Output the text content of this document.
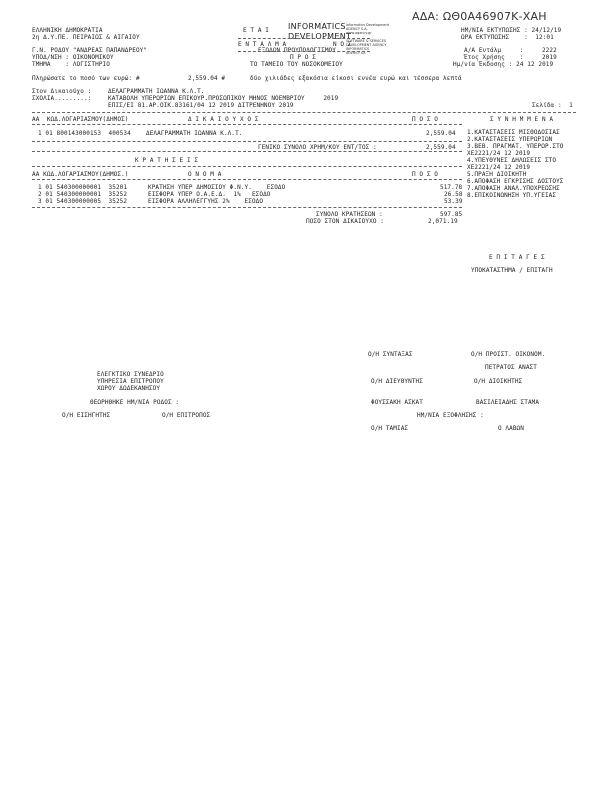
ΑΔΑ: ΩΘ0Α46907Κ-ΧΑΗ
ΕΛΛΗΝΙΚΗ ΔΗΜΟΚΡΑΤΙΑ
2η Δ.Υ.ΠΕ. ΠΕΙΡΑΙΩΣ & ΑΙΓΑΙΟΥ
Γ.Ν. ΡΟΔΟΥ "ΑΝΔΡΕΑΣ ΠΑΠΑΝΔΡΕΟΥ"
ΥΠΟΔ/ΝΣΗ : ΟΙΚΟΝΟΜΙΚΟΥ
ΤΜΗΜΑ    : ΛΟΓΙΣΤΗΡΙΟ
Ε Τ Α Ι
Ε Ν Τ Α Λ Μ Α	Ν Ο Σ
ΕΞΟΔΩΝ ΠΡΟΥΠΟΛΟΓΙΣΜΟΥ
Π Ρ Ο Σ
ΤΟ ΤΑΜΕΙΟ ΤΟΥ ΝΟΣΟΚΟΜΕΙΟΥ
INFORMATICS
DEVELOPMENT
Informatics Development
AGENCY S.A.
www.agency.gr
SOFTWARE & SERVICES
DEVELOPMENT AGENCY
INFORMATICS
AGENCY SA
ΗΜ/ΝΙΑ ΕΚΤΥΠΩΣΗΣ : 24/12/19
ΩΡΑ ΕΚΤΥΠΩΣΗΣ    :  12:01
Α/Α Εντάλμ     :     2222
Έτος Χρήσης    :     2019
Ημ/νία Έκδοσης : 24 12 2019
Πληρώσατε το ποσό των ευρώ: #	2,559.04 #	δύο χιλιάδες εξακόσια είκοσι εννέα ευρώ και τέσσερα λεπτά
Στον Δικαιούχο :	ΔΕΛΑΓΡΑΜΜΑΤΗ ΙΩΑΝΝΑ Κ.Λ.Τ.
ΣΧΟΛΙΑ.........:	ΚΑΤΑΒΟΛΗ ΥΠΕΡΩΡΙΩΝ ΕΠΙΚΟΥΡ.ΠΡΟΣΩΠΙΚΟΥ ΜΗΝΟΣ ΝΟΕΜΒΡΙΟΥ     2019
ΕΠΙΣ/ΕΙ 81.ΑΡ.ΟΙΚ.83161/04 12 2019 ΔΙΤΡΕΝΗΝΟΥ 2019	Σελίδα :  1
ΑΑ  ΚΩΔ.ΛΟΓΑΡΙΑΣΜΟΥ(ΔΗΜΟΣ)	Δ Ι Κ Α Ι Ο Υ Χ Ο Σ	Π Ο Σ Ο	Σ Υ Ν Η Μ Μ Ε Ν Α
1 01 800143000153  400534	ΔΕΛΑΓΡΑΜΜΑΤΗ ΙΩΑΝΝΑ Κ.Λ.Τ.	2,559.04
ΓΕΝΙΚΟ ΣΥΝΟΛΟ ΧΡΗΜ/ΚΟΥ ΕΝΤ/ΤΟΣ :	2,559.04
1.ΚΑΤΑΣΤΑΣΕΙΣ ΜΙΣΘΟΔΟΣΙΑΣ
2.ΚΑΤΑΣΤΑΣΕΙΣ ΥΠΕΡΩΡΙΩΝ
3.ΒΕΒ. ΠΡΑΓΜΑΤ. ΥΠΕΡΩΡ.ΣΤΟ
ΧΕ2221/24 12 2019
4.ΥΠΕΥΘΥΝΕΣ ΔΗΛΩΣΕΙΣ ΣΤΟ
ΧΕ2221/24 12 2019
5.ΠΡΑΞΗ ΔΙΟΙΚΗΤΗ
6.ΑΠΟΦΑΣΗ ΕΓΚΡΙΣΗΣ ΔΟΣΤΟΥΣ
7.ΑΠΟΦΑΣΗ ΑΝΑΛ.ΥΠΟΧΡΕΩΣΗΣ
8.ΕΠΙΚΟΙΝΩΝΗΣΗ ΥΠ.ΥΓΕΙΑΣ
Κ Ρ Α Τ Η Σ Ε Ι Σ
ΑΑ ΚΩΔ.ΛΟΓΑΡΙΑΣΜΟΥ(ΔΗΜΟΣ.)	Ο Ν Ο Μ Α	Π Ο Σ Ο
1 01 540300000001  35201	ΚΡΑΤΗΣΗ ΥΠΕΡ ΔΗΜΟΣΙΟΥ Φ.Ν.Υ.    ΕΣΟΔΟ	517.78
2 01 540300000001  35252	ΕΙΣΦΟΡΑ ΥΠΕΡ Ο.Α.Ε.Δ.  1%   ΕΣΟΔΟ	26.58
3 01 540300000005  35252	ΕΙΣΦΟΡΑ ΑΛΛΗΛΕΓΓΥΗΣ 2%    ΕΣΟΔΟ	53.39
ΣΥΝΟΛΟ ΚΡΑΤΗΣΕΩΝ :	597.85
ΠΟΣΟ ΣΤΟΝ ΔΙΚΑΙΟΥΧΟ :	2,071.19
Ε Π Ι Τ Α Γ Ε Σ
ΥΠΟΚΑΤΑΣΤΗΜΑ / ΕΠΙΤΑΓΗ
Ο/Η ΣΥΝΤΑΞΑΣ	Ο/Η ΠΡΟΙΣΤ. ΟΙΚΟΝΟΜ.
ΠΕΤΡΑΤΟΣ ΑΝΑΣΤ
ΕΛΕΓΚΤΙΚΟ ΣΥΝΕΔΡΙΟ
ΥΠΗΡΕΣΙΑ ΕΠΙΤΡΟΠΟΥ
ΧΩΡΟΥ ΔΩΔΕΚΑΝΗΣΟΥ
Ο/Η ΔΙΕΥΘΥΝΤΗΣ	Ο/Η ΔΙΟΙΚΗΤΗΣ
ΘΕΩΡΗΘΗΚΕ ΗΜ/ΝΙΑ ΡΟΔΟΣ :	ΦΟΥΣΣΑΚΗ ΑΣΚΑΤ	ΒΑΣΙΛΕΙΑΔΗΣ ΣΤΑΜΑ
Ο/Η ΕΙΣΗΓΗΤΗΣ	Ο/Η ΕΠΙΤΡΟΠΟΣ	ΗΜ/ΝΙΑ ΕΞΟΦΛΗΣΗΣ :
Ο/Η ΤΑΜΙΑΣ	Ο ΛΑΒΩΝ
